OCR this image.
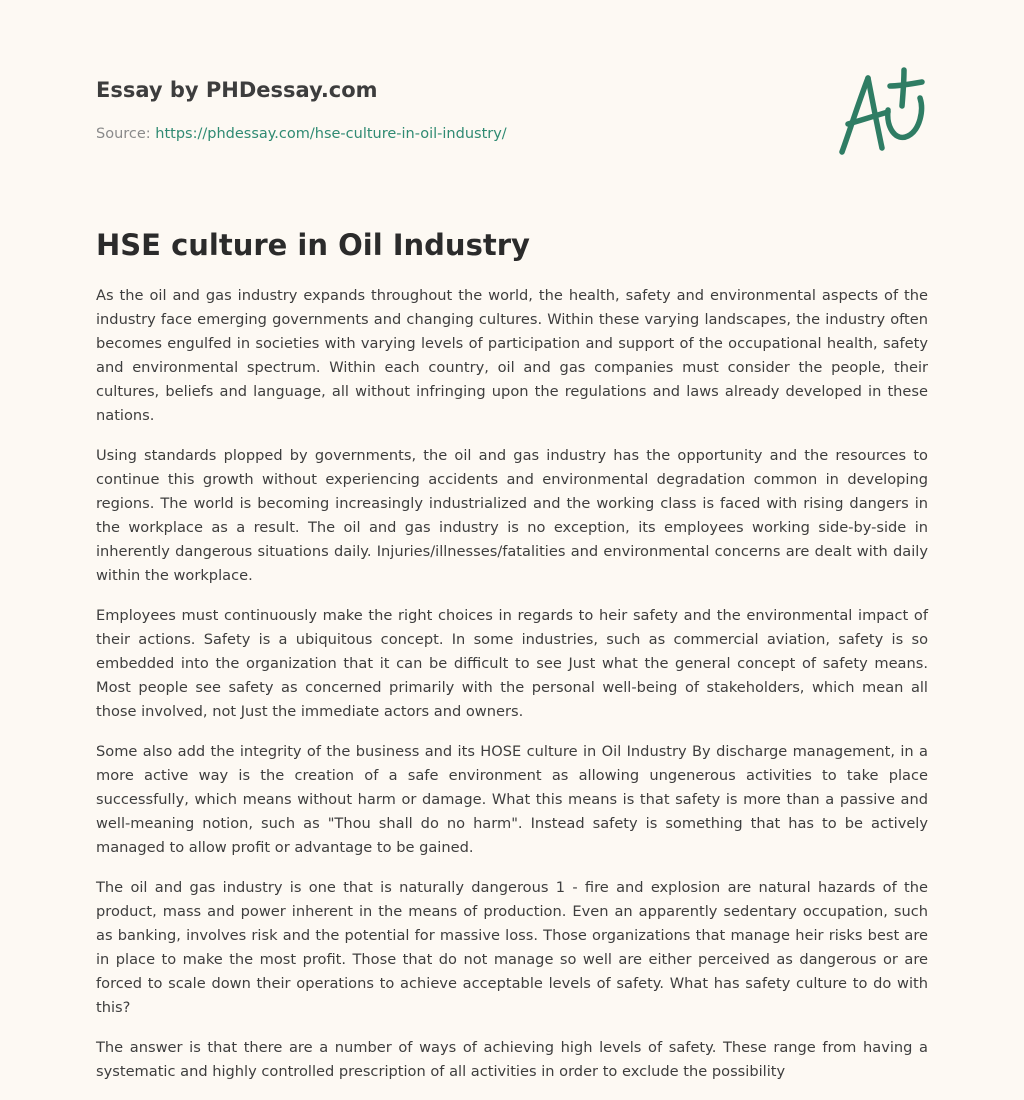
Essay by PHDessay.com
Source: https://phdessay.com/hse-culture-in-oil-industry/
HSE culture in Oil Industry

As the oil and gas industry expands throughout the world, the health, safety and environmental aspects of the industry face emerging governments and changing cultures. Within these varying landscapes, the industry often becomes engulfed in societies with varying levels of participation and support of the occupational health, safety and environmental spectrum. Within each country, oil and gas companies must consider the people, their cultures, beliefs and language, all without infringing upon the regulations and laws already developed in these nations.

Using standards plopped by governments, the oil and gas industry has the opportunity and the resources to continue this growth without experiencing accidents and environmental degradation common in developing regions. The world is becoming increasingly industrialized and the working class is faced with rising dangers in the workplace as a result. The oil and gas industry is no exception, its employees working side-by-side in inherently dangerous situations daily. Injuries/illnesses/fatalities and environmental concerns are dealt with daily within the workplace.

Employees must continuously make the right choices in regards to heir safety and the environmental impact of their actions. Safety is a ubiquitous concept. In some industries, such as commercial aviation, safety is so embedded into the organization that it can be difficult to see Just what the general concept of safety means. Most people see safety as concerned primarily with the personal well-being of stakeholders, which mean all those involved, not Just the immediate actors and owners.

Some also add the integrity of the business and its HOSE culture in Oil Industry By discharge management, in a more active way is the creation of a safe environment as allowing ungenerous activities to take place successfully, which means without harm or damage. What this means is that safety is more than a passive and well-meaning notion, such as "Thou shall do no harm". Instead safety is something that has to be actively managed to allow profit or advantage to be gained.

The oil and gas industry is one that is naturally dangerous 1 - fire and explosion are natural hazards of the product, mass and power inherent in the means of production. Even an apparently sedentary occupation, such as banking, involves risk and the potential for massive loss. Those organizations that manage heir risks best are in place to make the most profit. Those that do not manage so well are either perceived as dangerous or are forced to scale down their operations to achieve acceptable levels of safety. What has safety culture to do with this?

The answer is that there are a number of ways of achieving high levels of safety. These range from having a systematic and highly controlled prescription of all activities in order to exclude the possibility
